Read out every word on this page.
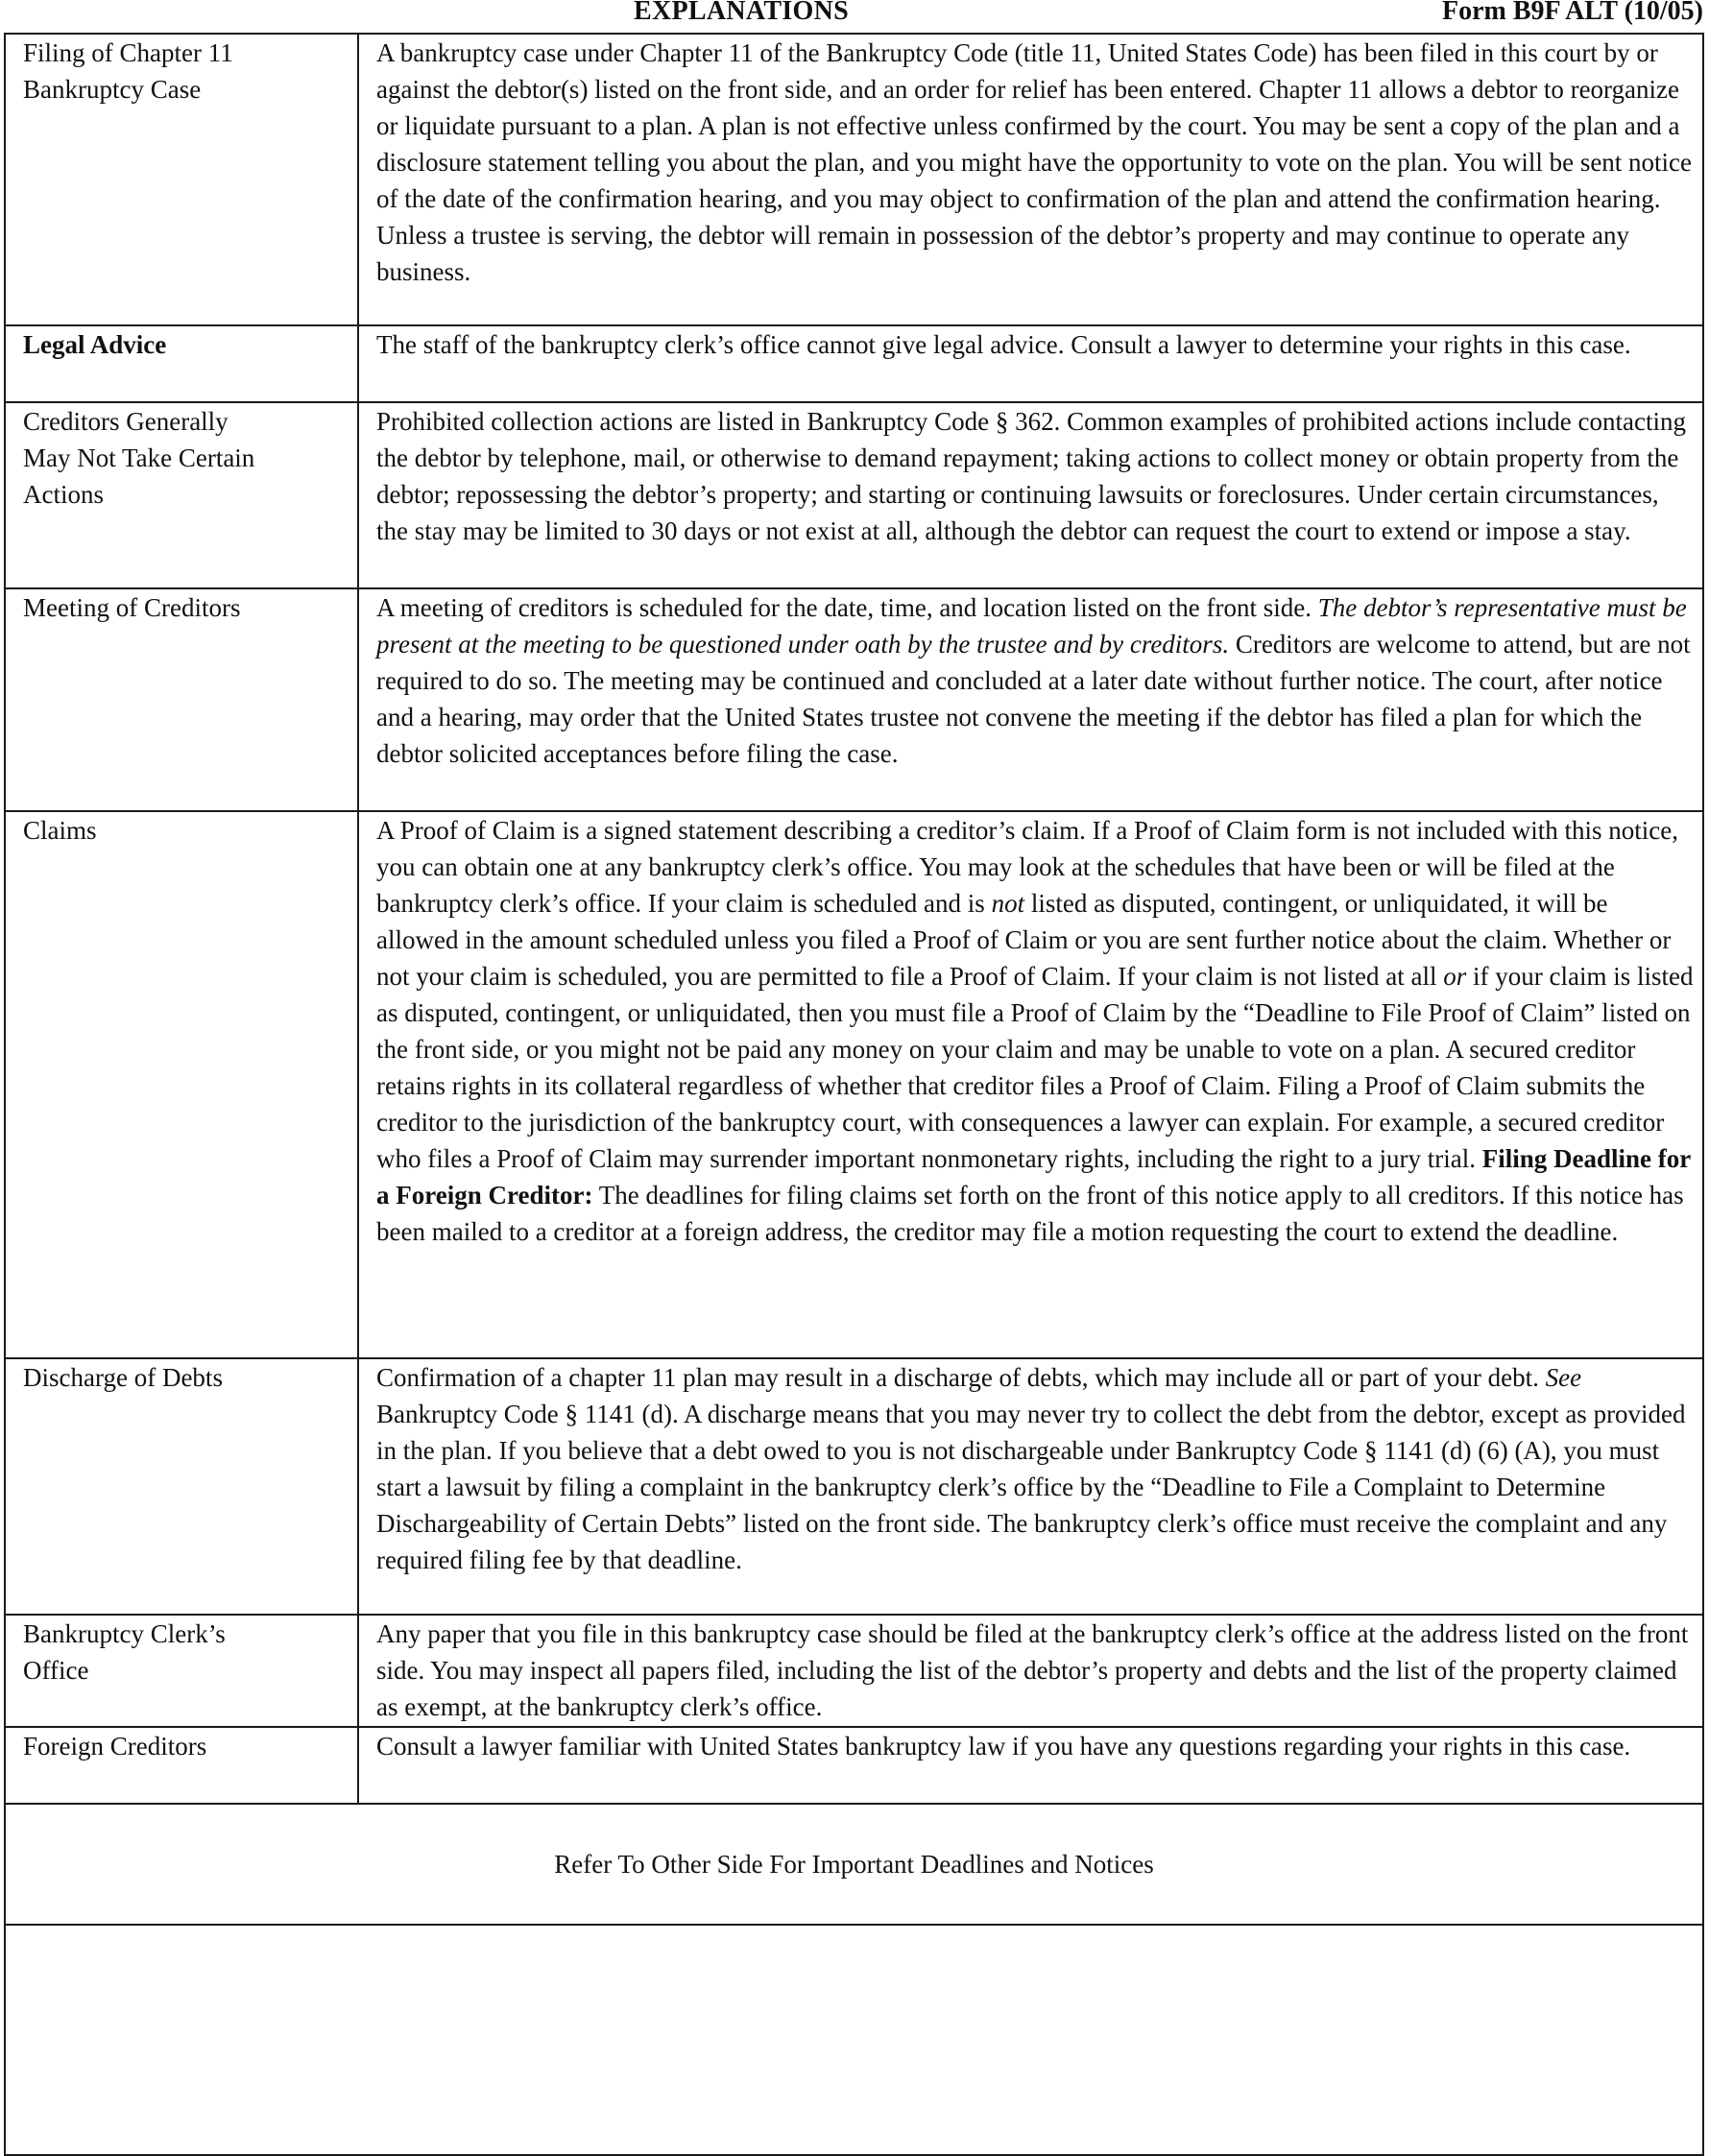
EXPLANATIONS	Form B9F ALT (10/05)
Filing of Chapter 11
Bankruptcy Case	A bankruptcy case under Chapter 11 of the Bankruptcy Code (title 11, United States Code) has been filed in this court by or against the debtor(s) listed on the front side, and an order for relief has been entered. Chapter 11 allows a debtor to reorganize or liquidate pursuant to a plan. A plan is not effective unless confirmed by the court. You may be sent a copy of the plan and a disclosure statement telling you about the plan, and you might have the opportunity to vote on the plan. You will be sent notice of the date of the confirmation hearing, and you may object to confirmation of the plan and attend the confirmation hearing. Unless a trustee is serving, the debtor will remain in possession of the debtor’s property and may continue to operate any business.
Legal Advice	The staff of the bankruptcy clerk’s office cannot give legal advice. Consult a lawyer to determine your rights in this case.

Creditors Generally
May Not Take Certain
Actions
	Prohibited collection actions are listed in Bankruptcy Code § 362. Common examples of prohibited actions include contacting the debtor by telephone, mail, or otherwise to demand repayment; taking actions to collect money or obtain property from the debtor; repossessing the debtor’s property; and starting or continuing lawsuits or foreclosures. Under certain circumstances, the stay may be limited to 30 days or not exist at all, although the debtor can request the court to extend or impose a stay.
Meeting of Creditors	A meeting of creditors is scheduled for the date, time, and location listed on the front side. The debtor’s representative must be present at the meeting to be questioned under oath by the trustee and by creditors. Creditors are welcome to attend, but are not required to do so. The meeting may be continued and concluded at a later date without further notice. The court, after notice and a hearing, may order that the United States trustee not convene the meeting if the debtor has filed a plan for which the debtor solicited acceptances before filing the case.
Claims	A Proof of Claim is a signed statement describing a creditor’s claim. If a Proof of Claim form is not included with this notice, you can obtain one at any bankruptcy clerk’s office. You may look at the schedules that have been or will be filed at the bankruptcy clerk’s office. If your claim is scheduled and is not listed as disputed, contingent, or unliquidated, it will be allowed in the amount scheduled unless you filed a Proof of Claim or you are sent further notice about the claim. Whether or not your claim is scheduled, you are permitted to file a Proof of Claim. If your claim is not listed at all or if your claim is listed as disputed, contingent, or unliquidated, then you must file a Proof of Claim by the “Deadline to File Proof of Claim” listed on the front side, or you might not be paid any money on your claim and may be unable to vote on a plan. A secured creditor retains rights in its collateral regardless of whether that creditor files a Proof of Claim. Filing a Proof of Claim submits the creditor to the jurisdiction of the bankruptcy court, with consequences a lawyer can explain. For example, a secured creditor who files a Proof of Claim may surrender important nonmonetary rights, including the right to a jury trial. Filing Deadline for a Foreign Creditor: The deadlines for filing claims set forth on the front of this notice apply to all creditors. If this notice has been mailed to a creditor at a foreign address, the creditor may file a motion requesting the court to extend the deadline.
Discharge of Debts	Confirmation of a chapter 11 plan may result in a discharge of debts, which may include all or part of your debt. See Bankruptcy Code § 1141 (d). A discharge means that you may never try to collect the debt from the debtor, except as provided in the plan. If you believe that a debt owed to you is not dischargeable under Bankruptcy Code § 1141 (d) (6) (A), you must start a lawsuit by filing a complaint in the bankruptcy clerk’s office by the “Deadline to File a Complaint to Determine Dischargeability of Certain Debts” listed on the front side. The bankruptcy clerk’s office must receive the complaint and any required filing fee by that deadline.

Bankruptcy Clerk’s
Office	Any paper that you file in this bankruptcy case should be filed at the bankruptcy clerk’s office at the address listed on the front side. You may inspect all papers filed, including the list of the debtor’s property and debts and the list of the property claimed as exempt, at the bankruptcy clerk’s office.
Foreign Creditors	Consult a lawyer familiar with United States bankruptcy law if you have any questions regarding your rights in this case.
Refer To Other Side For Important Deadlines and Notices	
